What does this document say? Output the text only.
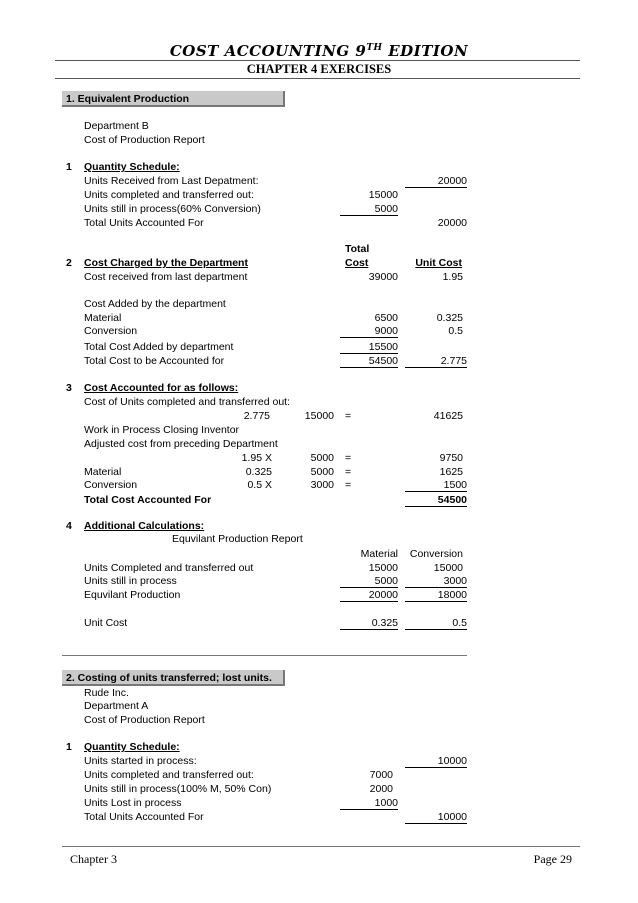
COST ACCOUNTING 9TH EDITION
CHAPTER 4 EXERCISES
1. Equivalent Production
Department B
Cost of Production Report
1 Quantity Schedule:
Units Received from Last Depatment:	20000
Units completed and transferred out:	15000
Units still in process(60% Conversion)	5000
Total Units Accounted For	20000
Total
2 Cost Charged by the Department	Cost	Unit Cost
Cost received from last department	39000	1.95
Cost Added by the department
Material	6500	0.325
Conversion	9000	0.5
Total Cost Added by department	15500
Total Cost to be Accounted for	54500	2.775
3 Cost Accounted for as follows:
Cost of Units completed and transferred out:
2.775	15000 =	41625
Work in Process Closing Inventor
Adjusted cost from preceding Department
1.95 X	5000 =	9750
Material	0.325	5000 =	1625
Conversion	0.5 X	3000 =	1500
Total Cost Accounted For	54500
4 Additional Calculations:
Equvilant Production Report
Material	Conversion
Units Completed and transferred out	15000	15000
Units still in process	5000	3000
Equvilant Production	20000	18000
Unit Cost	0.325	0.5
2. Costing of units transferred; lost units.
Rude Inc.
Department A
Cost of Production Report
1 Quantity Schedule:
Units started in process:	10000
Units completed and transferred out:	7000
Units still in process(100% M, 50% Con)	2000
Units Lost in process	1000
Total Units Accounted For	10000
Chapter 3	Page 29
